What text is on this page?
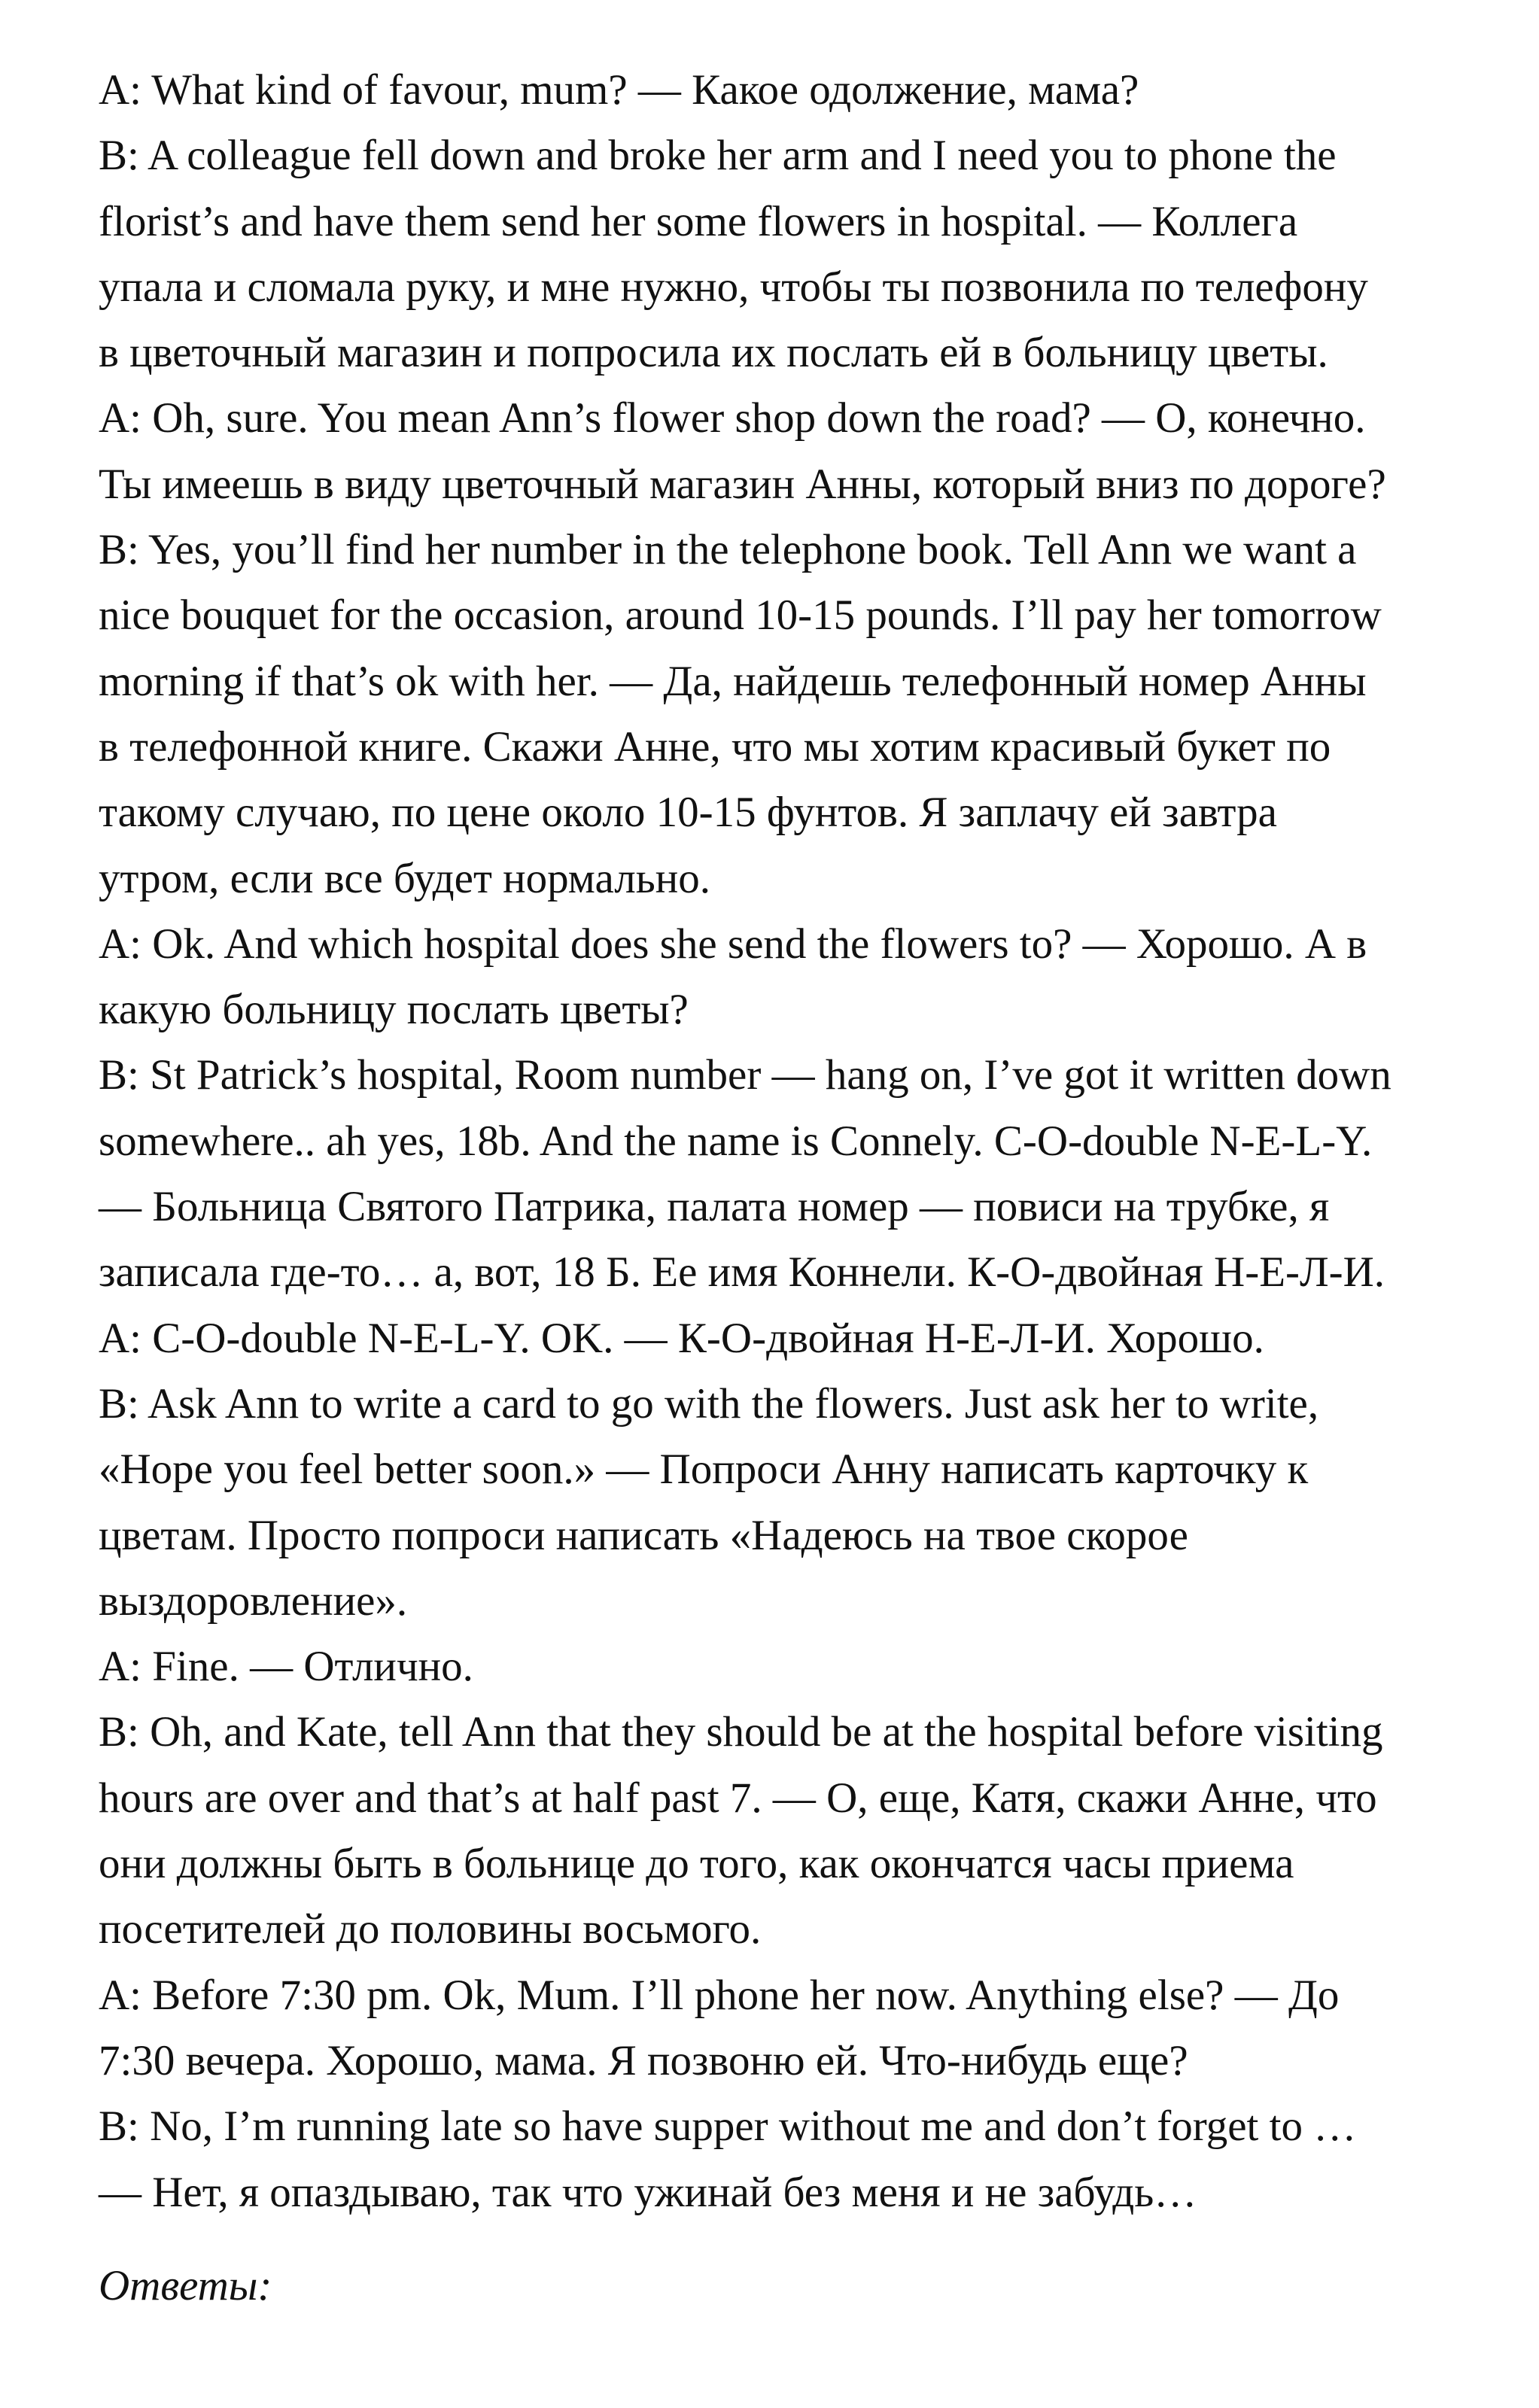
A: What kind of favour, mum? — Какое одолжение, мама?
B: A colleague fell down and broke her arm and I need you to phone the
florist’s and have them send her some flowers in hospital. — Коллега
упала и сломала руку, и мне нужно, чтобы ты позвонила по телефону
в цветочный магазин и попросила их послать ей в больницу цветы.
A: Oh, sure. You mean Ann’s flower shop down the road? — О, конечно.
Ты имеешь в виду цветочный магазин Анны, который вниз по дороге?
B: Yes, you’ll find her number in the telephone book. Tell Ann we want a
nice bouquet for the occasion, around 10-15 pounds. I’ll pay her tomorrow
morning if that’s ok with her. — Да, найдешь телефонный номер Анны
в телефонной книге. Скажи Анне, что мы хотим красивый букет по
такому случаю, по цене около 10-15 фунтов. Я заплачу ей завтра
утром, если все будет нормально.
A: Ok. And which hospital does she send the flowers to? — Хорошо. А в
какую больницу послать цветы?
B: St Patrick’s hospital, Room number — hang on, I’ve got it written down
somewhere.. ah yes, 18b. And the name is Connely. C-O-double N-E-L-Y.
— Больница Святого Патрика, палата номер — повиси на трубке, я
записала где-то… а, вот, 18 Б. Ее имя Коннели. К-О-двойная Н-Е-Л-И.
A: C-O-double N-E-L-Y. OK. — К-О-двойная Н-Е-Л-И. Хорошо.
B: Ask Ann to write a card to go with the flowers. Just ask her to write,
«Hope you feel better soon.» — Попроси Анну написать карточку к
цветам. Просто попроси написать «Надеюсь на твое скорое
выздоровление».
A: Fine. — Отлично.
B: Oh, and Kate, tell Ann that they should be at the hospital before visiting
hours are over and that’s at half past 7. — О, еще, Катя, скажи Анне, что
они должны быть в больнице до того, как окончатся часы приема
посетителей до половины восьмого.
A: Before 7:30 pm. Ok, Mum. I’ll phone her now. Anything else? — До
7:30 вечера. Хорошо, мама. Я позвоню ей. Что-нибудь еще?
B: No, I’m running late so have supper without me and don’t forget to …
— Нет, я опаздываю, так что ужинай без меня и не забудь…
Ответы:
